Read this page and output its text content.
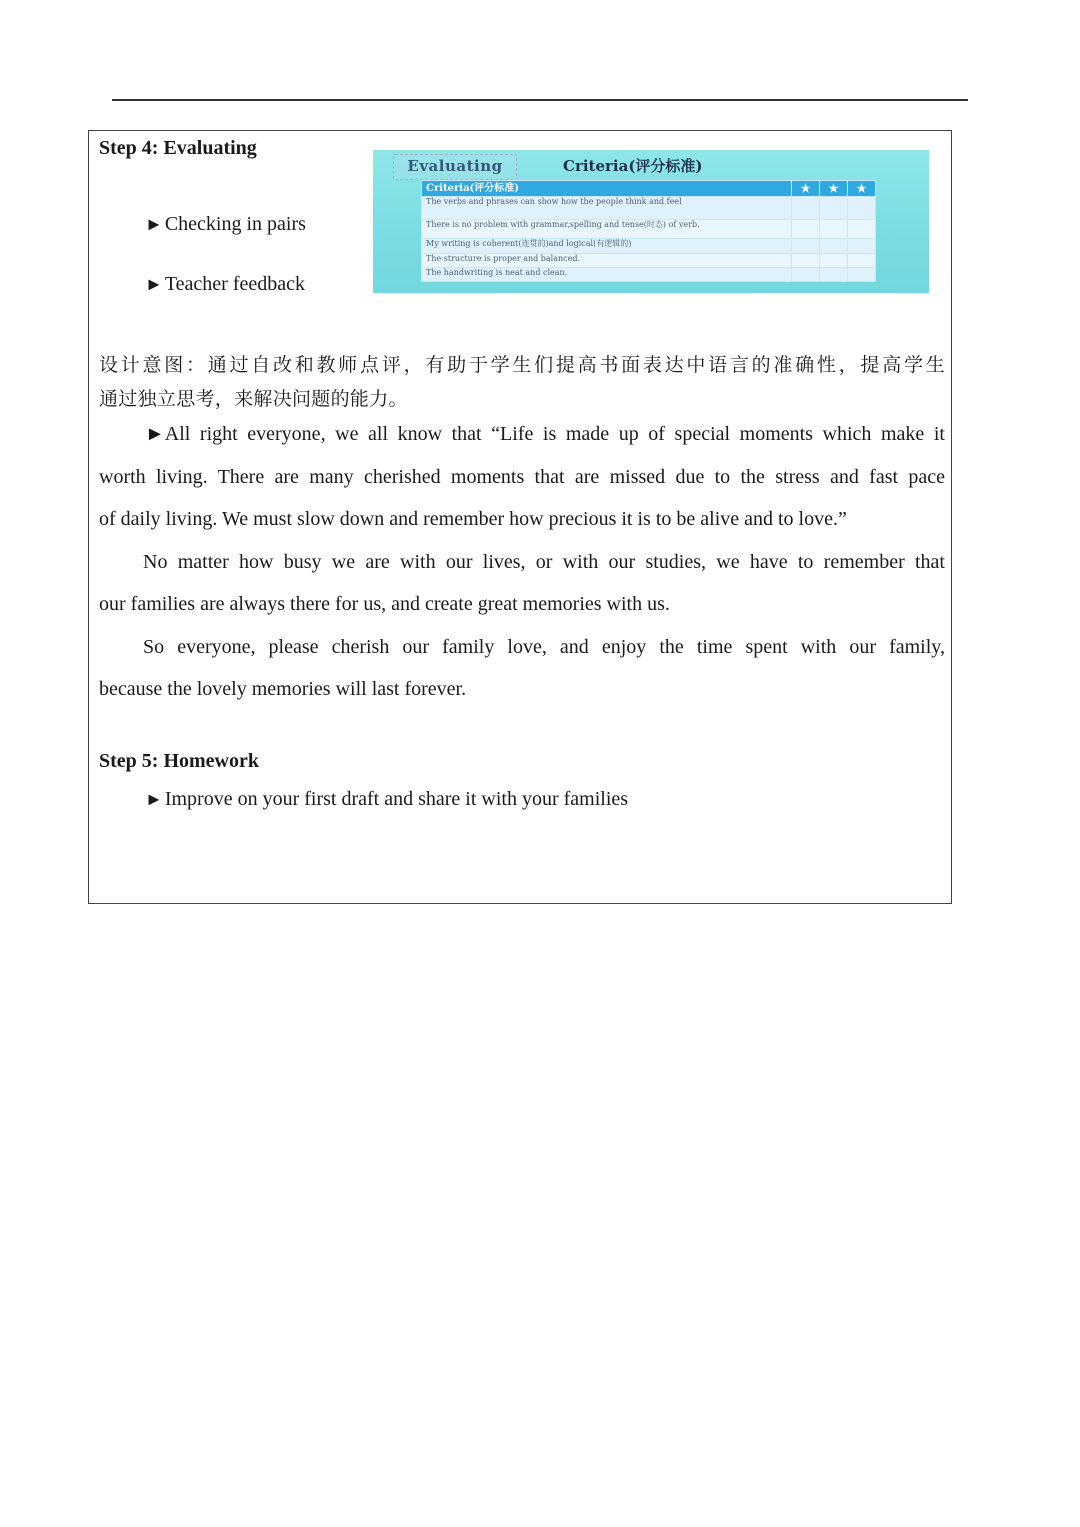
Step 4: Evaluating
► Checking in pairs
► Teacher feedback
Evaluating	Criteria(评分标准)
Criteria(评分标准)	★	★	★
The verbs and phrases can show how the people think and feel			
There is no problem with grammar,spelling and tense(时态) of verb.			
My writing is coherent(连贯的)and logical(有逻辑的)			
The structure is proper and balanced.			
The handwriting is neat and clean.			
设计意图：通过自改和教师点评，有助于学生们提高书面表达中语言的准确性，提高学生
通过独立思考，来解决问题的能力。
►All right everyone, we all know that “Life is made up of special moments which make it
worth living. There are many cherished moments that are missed due to the stress and fast pace
of daily living. We must slow down and remember how precious it is to be alive and to love.”
No matter how busy we are with our lives, or with our studies, we have to remember that
our families are always there for us, and create great memories with us.
So everyone, please cherish our family love, and enjoy the time spent with our family,
because the lovely memories will last forever.
Step 5: Homework
► Improve on your first draft and share it with your families
